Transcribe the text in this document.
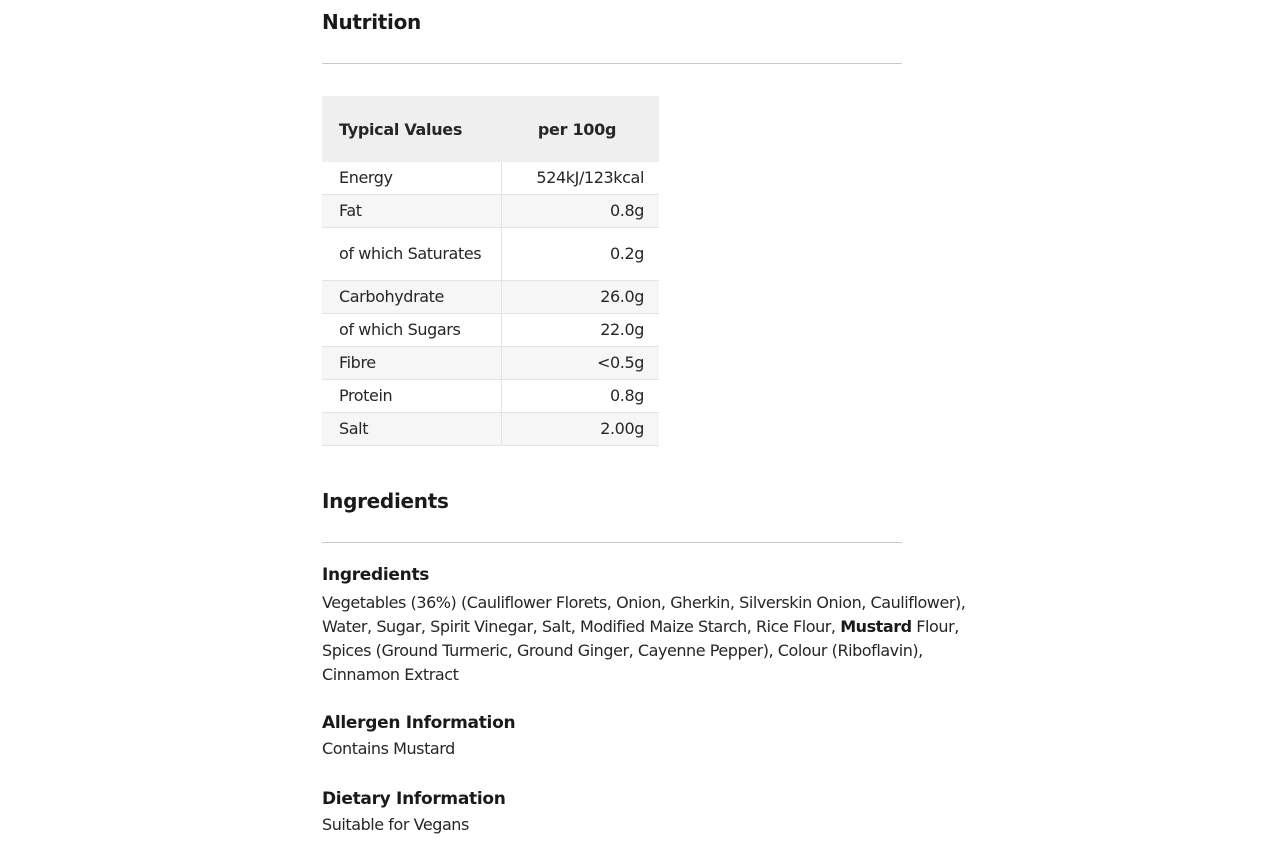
Nutrition
Typical Values	per 100g
Energy	524kJ/123kcal
Fat	0.8g
of which Saturates	0.2g
Carbohydrate	26.0g
of which Sugars	22.0g
Fibre	<0.5g
Protein	0.8g
Salt	2.00g
Ingredients
Ingredients

Vegetables (36%) (Cauliflower Florets, Onion, Gherkin, Silverskin Onion, Cauliflower), Water, Sugar, Spirit Vinegar, Salt, Modified Maize Starch, Rice Flour, Mustard Flour, Spices (Ground Turmeric, Ground Ginger, Cayenne Pepper), Colour (Riboflavin), Cinnamon Extract

Allergen Information

Contains Mustard

Dietary Information

Suitable for Vegans
